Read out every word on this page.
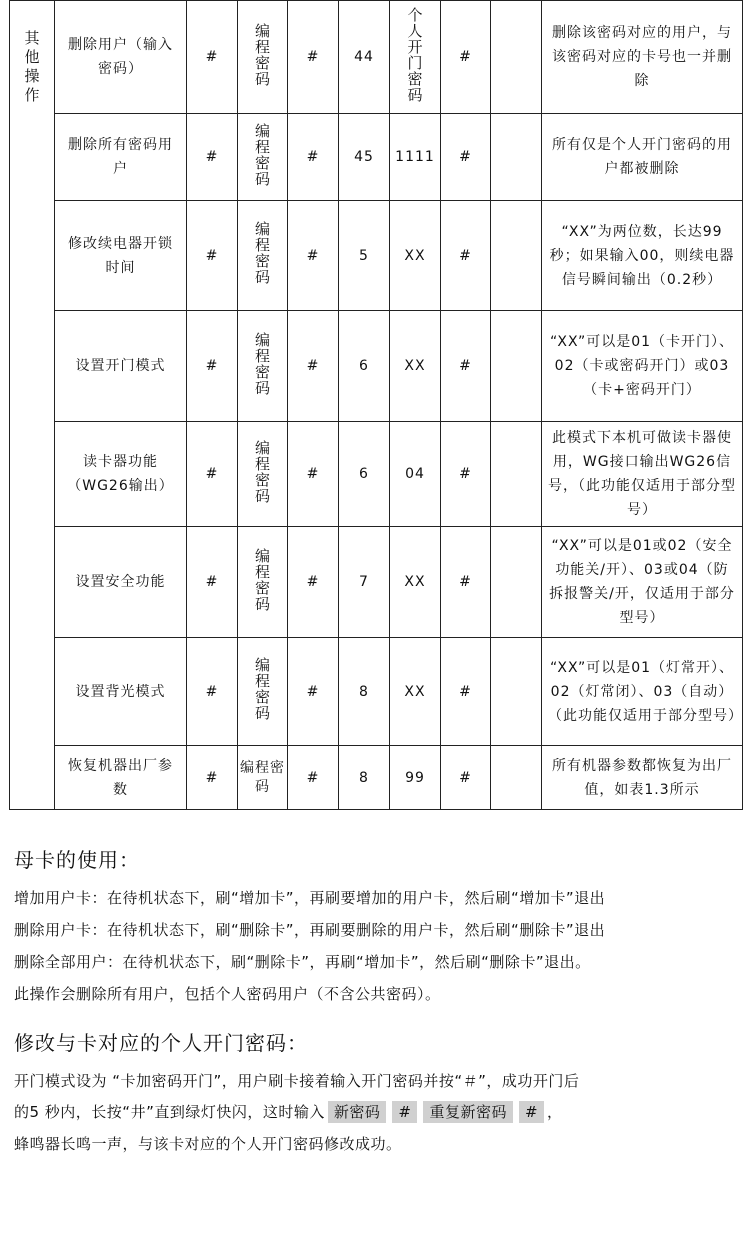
其他操作	删除用户（输入密码）	#	编程密码	#	44	个人开门密码	#		删除该密码对应的用户，与该密码对应的卡号也一并删除
	删除所有密码用户	#	编程密码	#	45	1111	#		所有仅是个人开门密码的用户都被删除
	修改续电器开锁时间	#	编程密码	#	5	XX	#		“XX”为两位数，长达99秒；如果输入00，则续电器信号瞬间输出（0.2秒）
	设置开门模式	#	编程密码	#	6	XX	#		“XX”可以是01（卡开门）、02（卡或密码开门）或03（卡+密码开门）
	读卡器功能（WG26输出）	#	编程密码	#	6	04	#		此模式下本机可做读卡器使用，WG接口输出WG26信号，（此功能仅适用于部分型号）
	设置安全功能	#	编程密码	#	7	XX	#		“XX”可以是01或02（安全功能关/开）、03或04（防拆报警关/开，仅适用于部分型号）
	设置背光模式	#	编程密码	#	8	XX	#		“XX”可以是01（灯常开）、02（灯常闭）、03（自动）（此功能仅适用于部分型号）
	恢复机器出厂参数	#	编程密码	#	8	99	#		所有机器参数都恢复为出厂值，如表1.3所示
母卡的使用：
增加用户卡：在待机状态下，刷“增加卡”，再刷要增加的用户卡，然后刷“增加卡”退出
删除用户卡：在待机状态下，刷“删除卡”，再刷要删除的用户卡，然后刷“删除卡”退出
删除全部用户：在待机状态下，刷“删除卡”，再刷“增加卡”，然后刷“删除卡”退出。
此操作会删除所有用户，包括个人密码用户（不含公共密码）。
修改与卡对应的个人开门密码：
开门模式设为 “卡加密码开门”，用户刷卡接着输入开门密码并按“＃”，成功开门后
的5 秒内，长按“井”直到绿灯快闪，这时输入 新密码 # 重复新密码 # ，
蜂鸣器长鸣一声，与该卡对应的个人开门密码修改成功。
